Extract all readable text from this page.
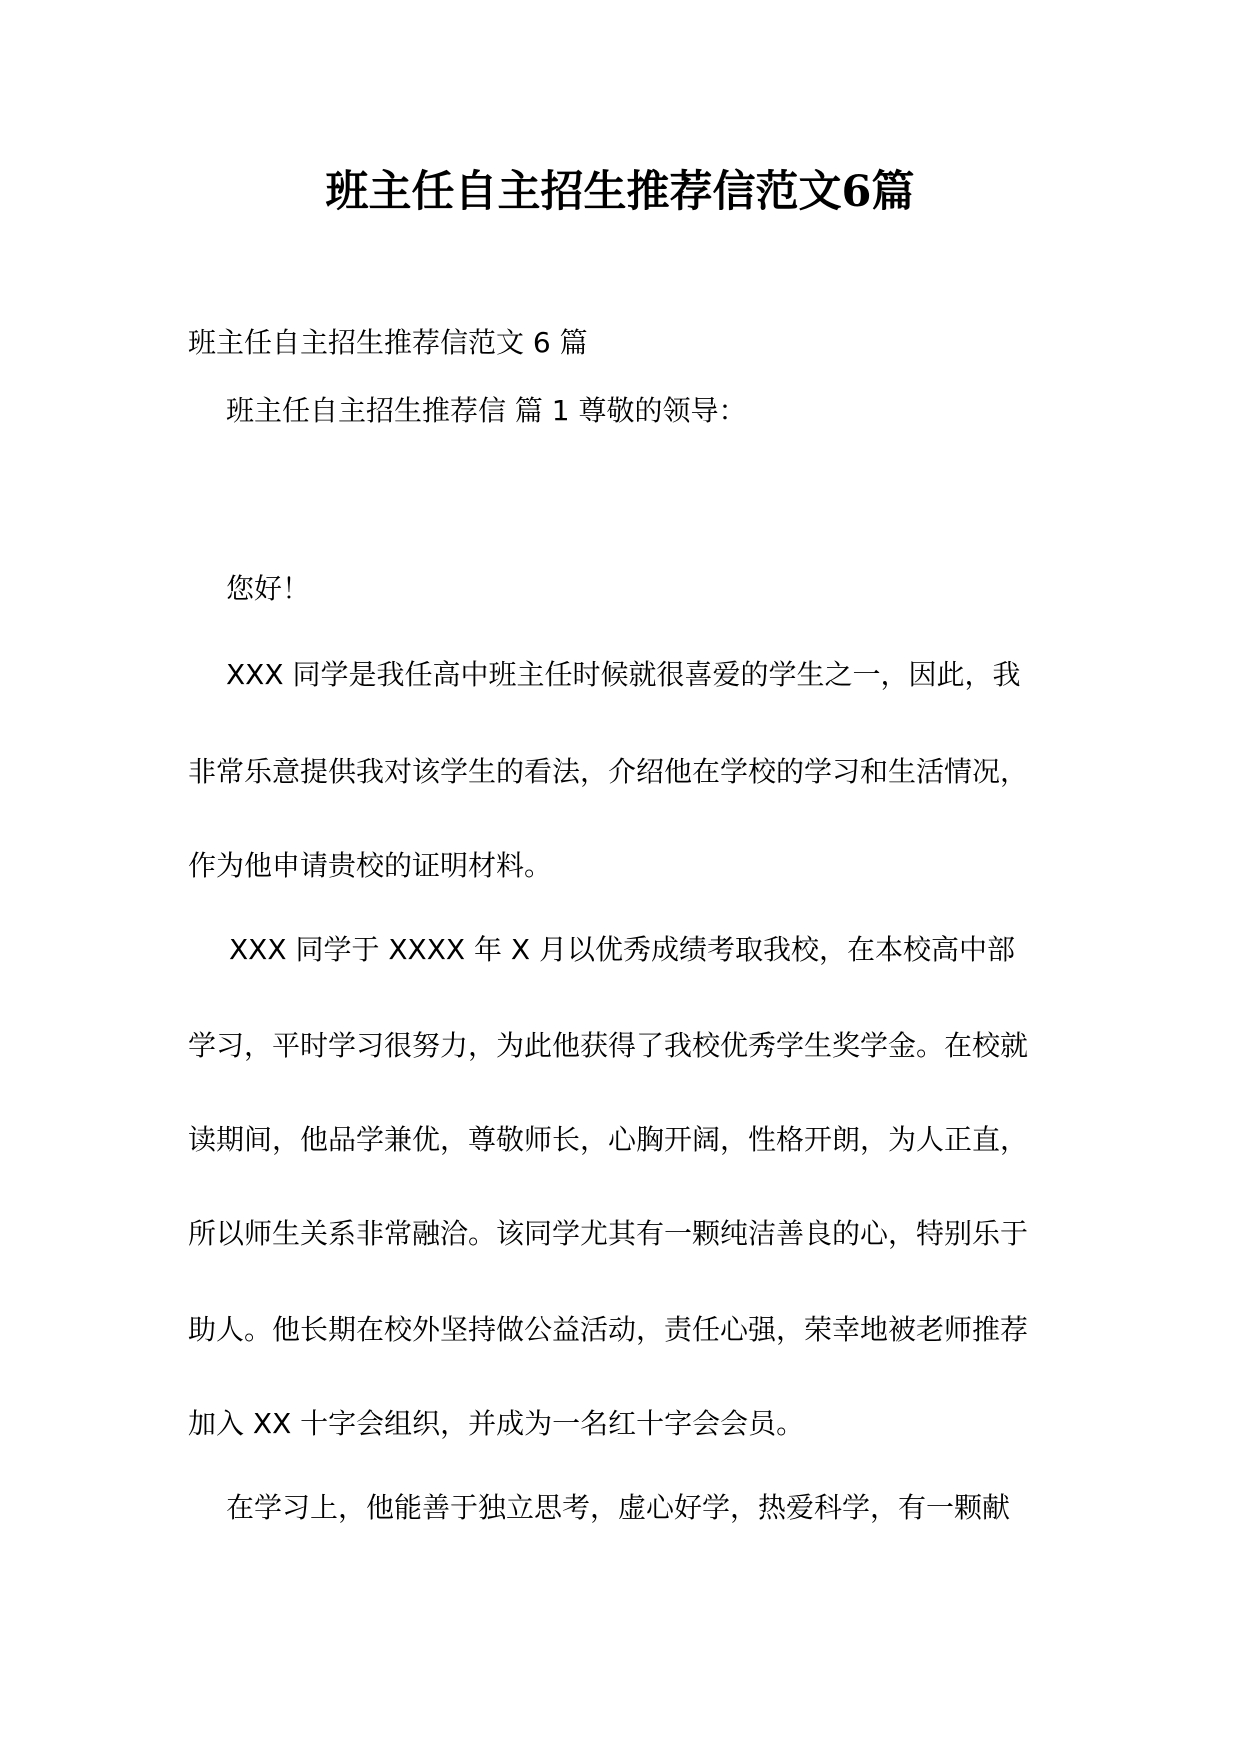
班主任自主招生推荐信范文6篇

班主任自主招生推荐信范文 6 篇

班主任自主招生推荐信 篇 1 尊敬的领导：

您好！

XXX 同学是我任高中班主任时候就很喜爱的学生之一，因此，我

非常乐意提供我对该学生的看法，介绍他在学校的学习和生活情况，

作为他申请贵校的证明材料。

XXX 同学于 XXXX 年 X 月以优秀成绩考取我校，在本校高中部

学习，平时学习很努力，为此他获得了我校优秀学生奖学金。在校就

读期间，他品学兼优，尊敬师长，心胸开阔，性格开朗，为人正直，

所以师生关系非常融洽。该同学尤其有一颗纯洁善良的心，特别乐于

助人。他长期在校外坚持做公益活动，责任心强，荣幸地被老师推荐

加入 XX 十字会组织，并成为一名红十字会会员。

在学习上，他能善于独立思考，虚心好学，热爱科学，有一颗献
